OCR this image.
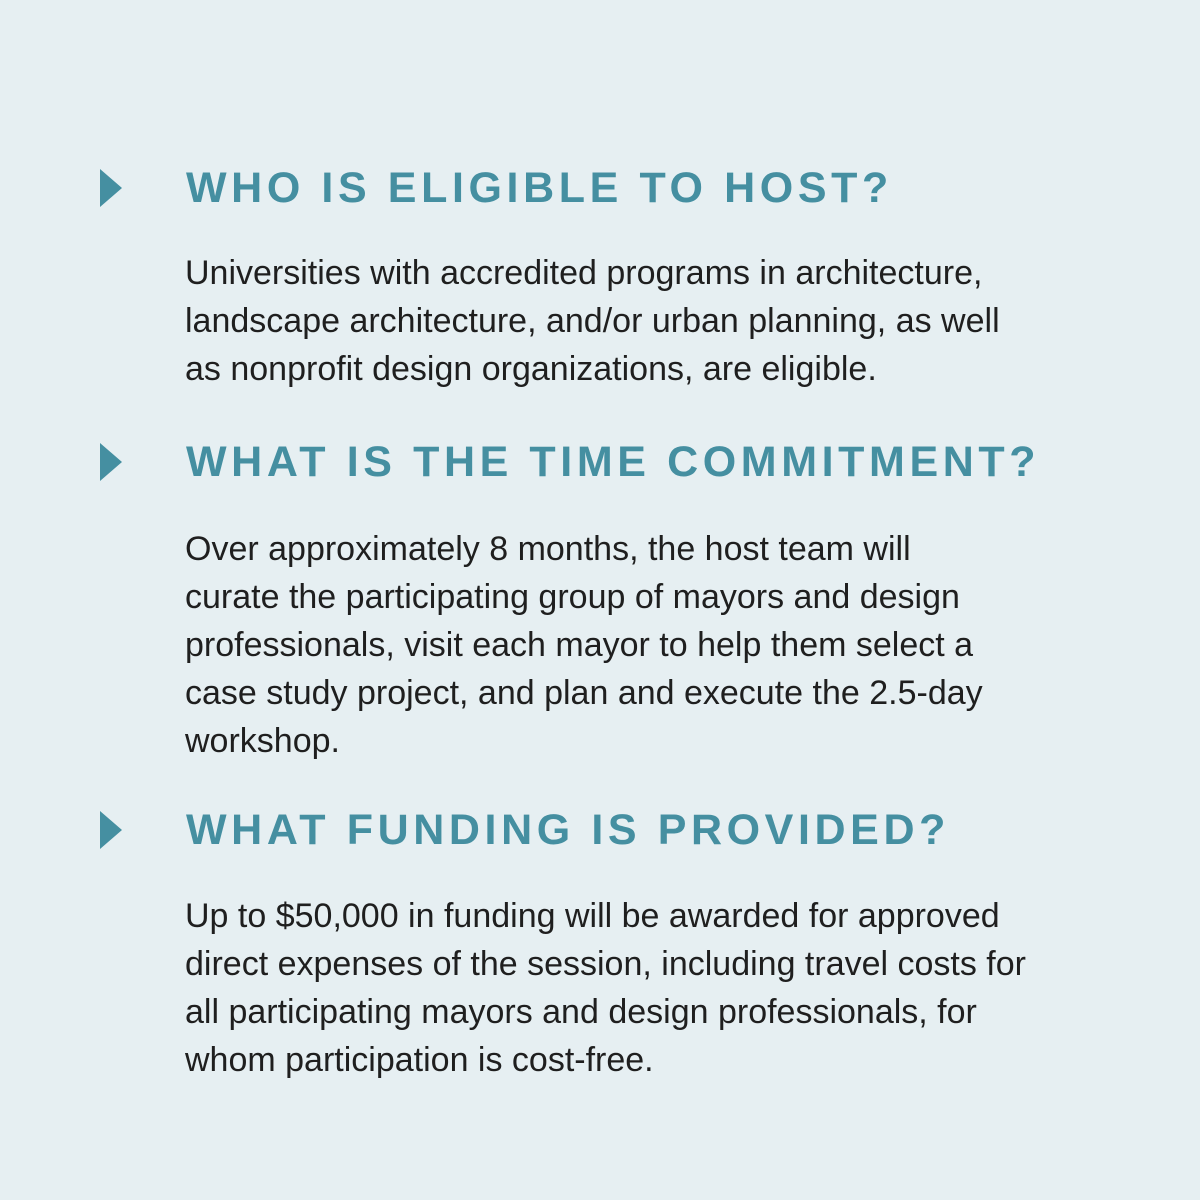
WHO IS ELIGIBLE TO HOST?

Universities with accredited programs in architecture,
landscape architecture, and/or urban planning, as well
as nonprofit design organizations, are eligible.

WHAT IS THE TIME COMMITMENT?

Over approximately 8 months, the host team will
curate the participating group of mayors and design
professionals, visit each mayor to help them select a
case study project, and plan and execute the 2.5-day
workshop.

WHAT FUNDING IS PROVIDED?

Up to $50,000 in funding will be awarded for approved
direct expenses of the session, including travel costs for
all participating mayors and design professionals, for
whom participation is cost-free.
